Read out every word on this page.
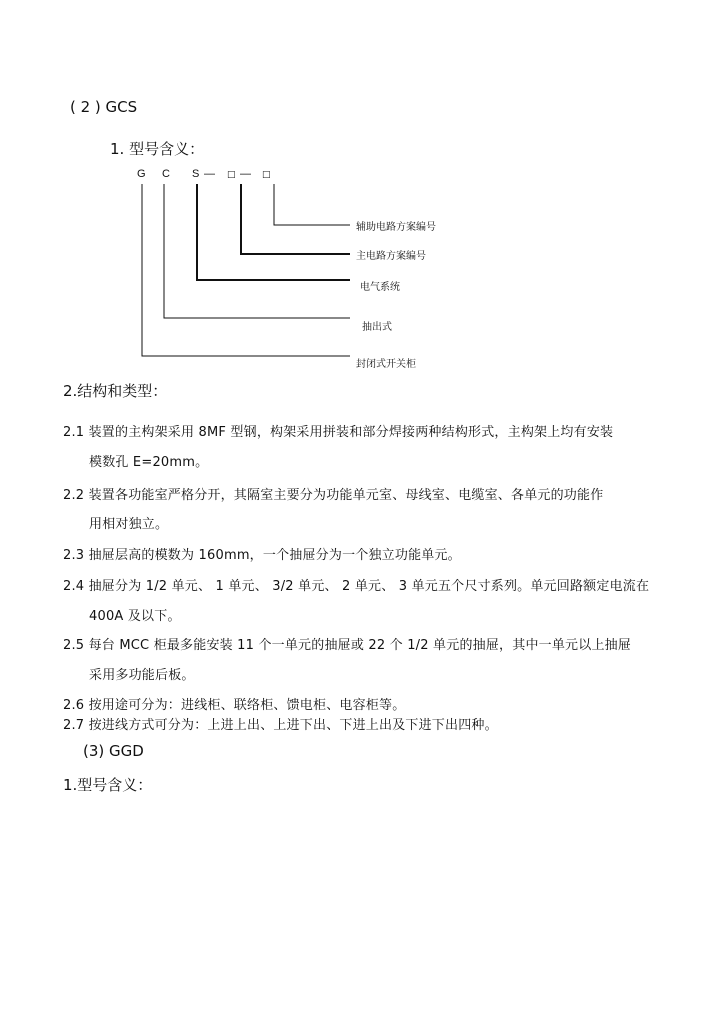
( 2 ) GCS
1. 型号含义：
G C S — □ — □
辅助电路方案编号
主电路方案编号
电气系统
抽出式
封闭式开关柜
2.结构和类型：
2.1 装置的主构架采用 8MF 型钢，构架采用拼装和部分焊接两种结构形式，主构架上均有安装
模数孔 E=20mm。
2.2 装置各功能室严格分开，其隔室主要分为功能单元室、母线室、电缆室、各单元的功能作
用相对独立。
2.3 抽屉层高的模数为 160mm，一个抽屉分为一个独立功能单元。
2.4 抽屉分为 1/2 单元、 1 单元、 3/2 单元、 2 单元、 3 单元五个尺寸系列。单元回路额定电流在
400A 及以下。
2.5 每台 MCC 柜最多能安装 11 个一单元的抽屉或 22 个 1/2 单元的抽屉，其中一单元以上抽屉
采用多功能后板。
2.6 按用途可分为：进线柜、联络柜、馈电柜、电容柜等。
2.7 按进线方式可分为：上进上出、上进下出、下进上出及下进下出四种。
(3) GGD
1.型号含义：
